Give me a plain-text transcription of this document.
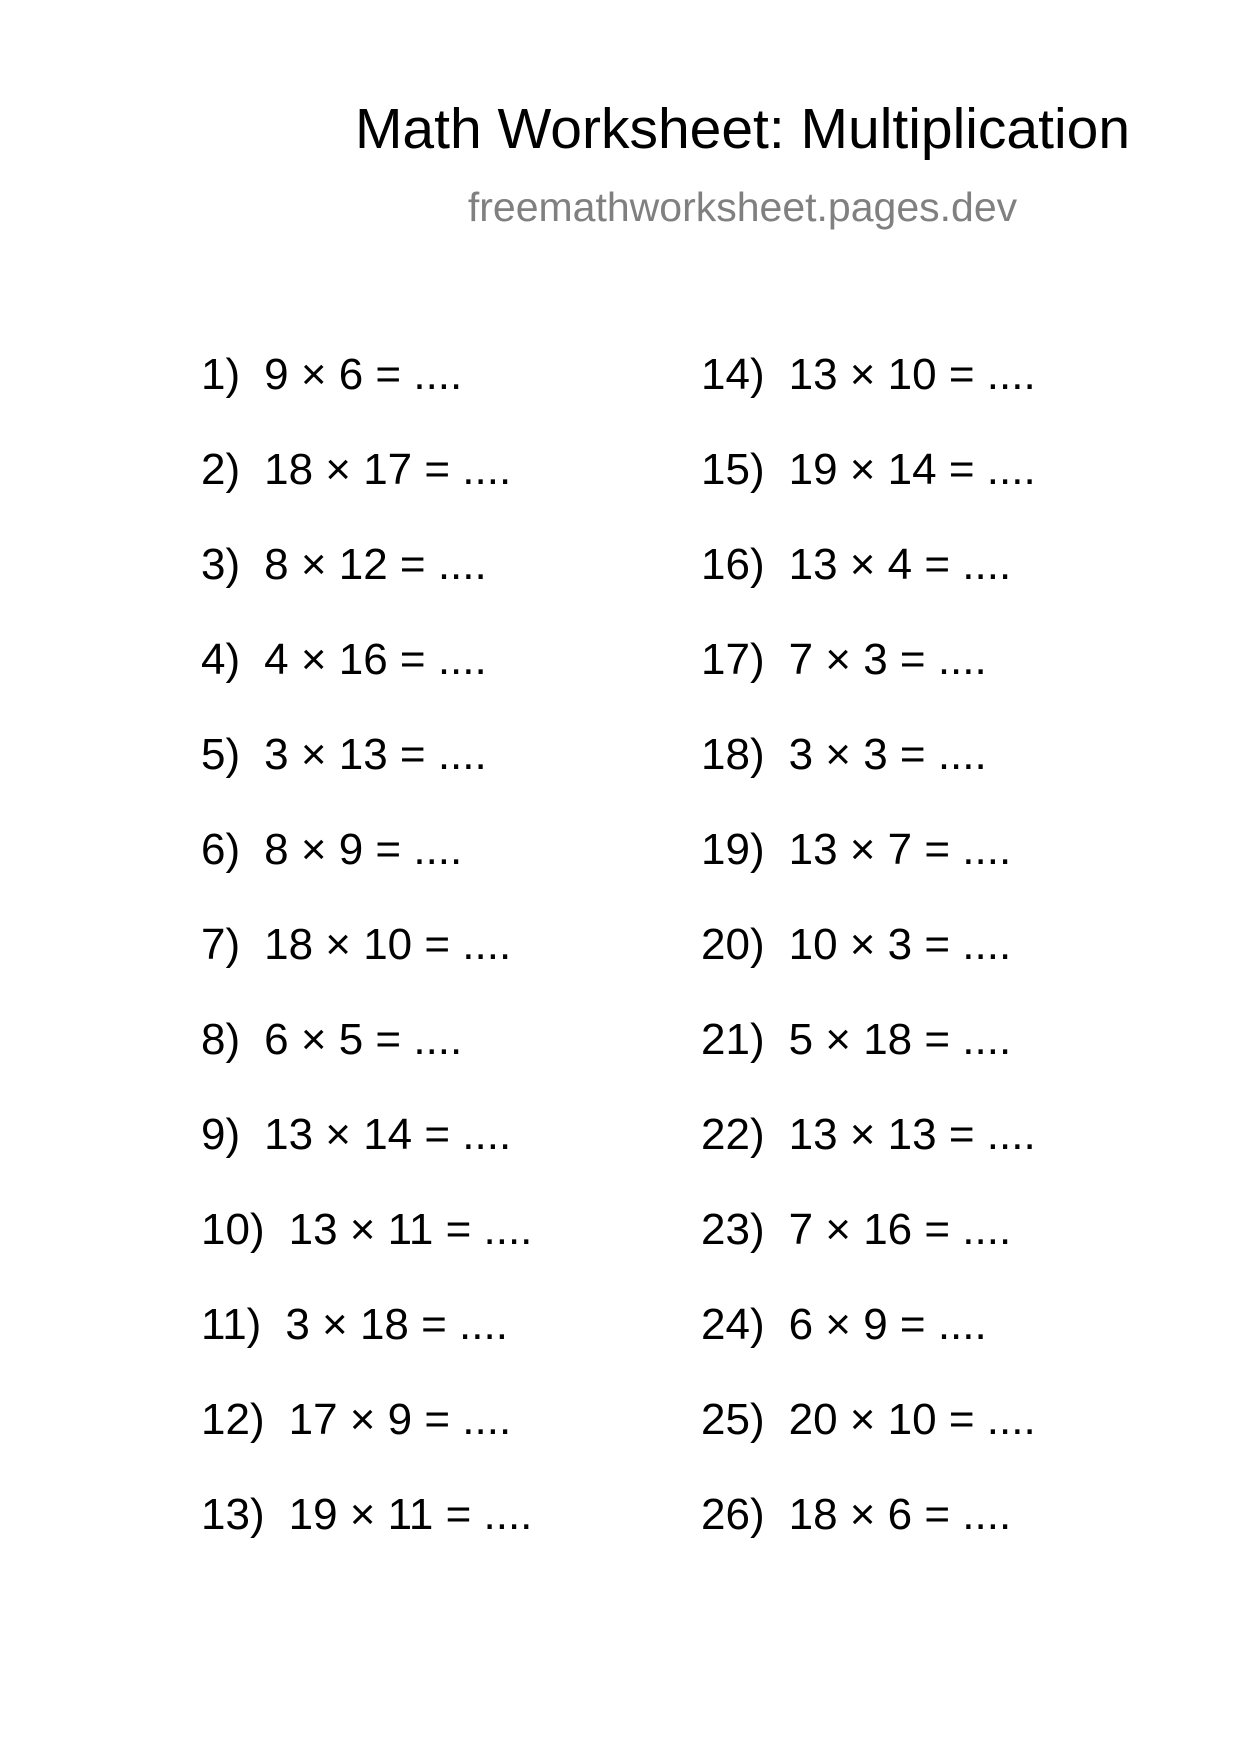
Math Worksheet: Multiplication
freemathworksheet.pages.dev
1) 9 × 6 = ....
2) 18 × 17 = ....
3) 8 × 12 = ....
4) 4 × 16 = ....
5) 3 × 13 = ....
6) 8 × 9 = ....
7) 18 × 10 = ....
8) 6 × 5 = ....
9) 13 × 14 = ....
10) 13 × 11 = ....
11) 3 × 18 = ....
12) 17 × 9 = ....
13) 19 × 11 = ....
14) 13 × 10 = ....
15) 19 × 14 = ....
16) 13 × 4 = ....
17) 7 × 3 = ....
18) 3 × 3 = ....
19) 13 × 7 = ....
20) 10 × 3 = ....
21) 5 × 18 = ....
22) 13 × 13 = ....
23) 7 × 16 = ....
24) 6 × 9 = ....
25) 20 × 10 = ....
26) 18 × 6 = ....
